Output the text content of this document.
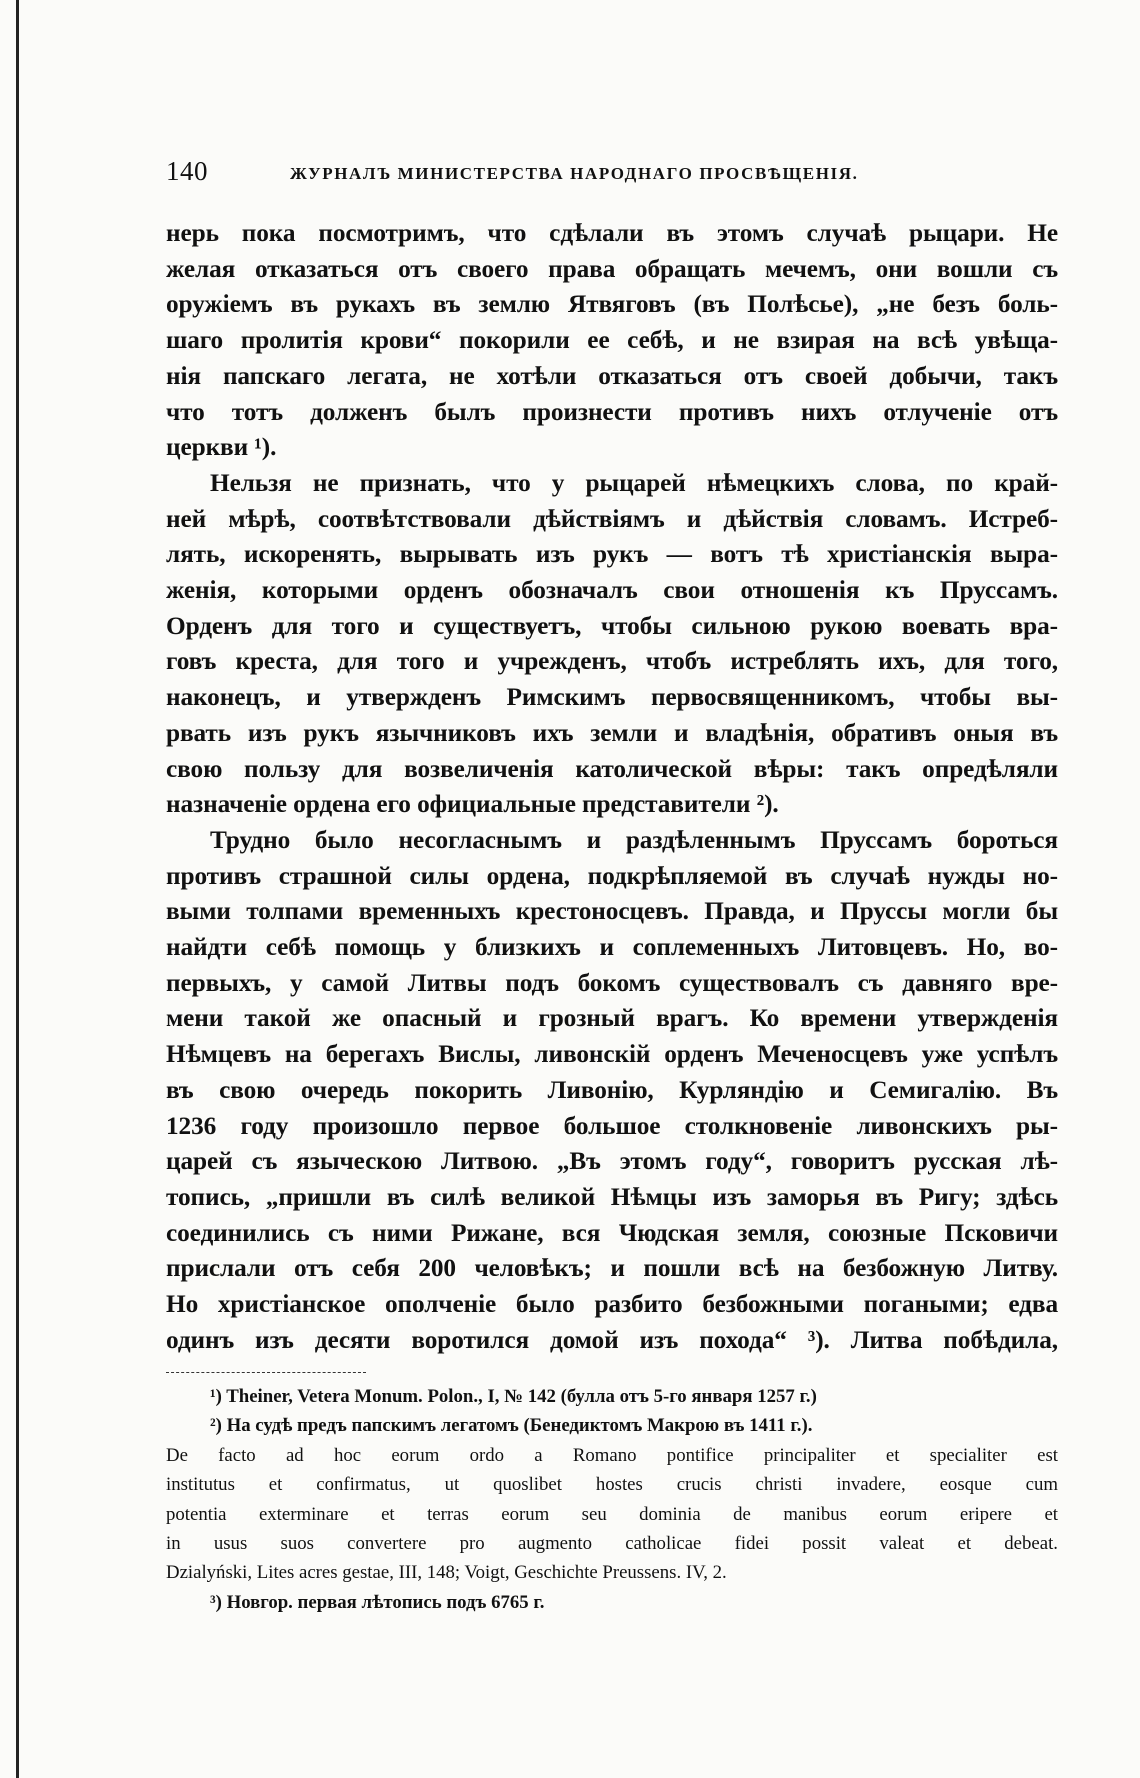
140	ЖУРНАЛЪ МИНИСТЕРСТВА НАРОДНАГО ПРОСВѢЩЕНІЯ.
нерь пока посмотримъ, что сдѣлали въ этомъ случаѣ рыцари. Не
желая отказаться отъ своего права обращать мечемъ, они вошли съ
оружіемъ въ рукахъ въ землю Ятвяговъ (въ Полѣсье), „не безъ боль-
шаго пролитія крови“ покорили ее себѣ, и не взирая на всѣ увѣща-
нія папскаго легата, не хотѣли отказаться отъ своей добычи, такъ
что тотъ долженъ былъ произнести противъ нихъ отлученіе отъ
церкви ¹).
Нельзя не признать, что у рыцарей нѣмецкихъ слова, по край-
ней мѣрѣ, соотвѣтствовали дѣйствіямъ и дѣйствія словамъ. Истреб-
лять, искоренять, вырывать изъ рукъ — вотъ тѣ христіанскія выра-
женія, которыми орденъ обозначалъ свои отношенія къ Пруссамъ.
Орденъ для того и существуетъ, чтобы сильною рукою воевать вра-
говъ креста, для того и учрежденъ, чтобъ истреблять ихъ, для того,
наконецъ, и утвержденъ Римскимъ первосвященникомъ, чтобы вы-
рвать изъ рукъ язычниковъ ихъ земли и владѣнія, обративъ оныя въ
свою пользу для возвеличенія католической вѣры: такъ опредѣляли
назначеніе ордена его официальные представители ²).
Трудно было несогласнымъ и раздѣленнымъ Пруссамъ бороться
противъ страшной силы ордена, подкрѣпляемой въ случаѣ нужды но-
выми толпами временныхъ крестоносцевъ. Правда, и Пруссы могли бы
найдти себѣ помощь у близкихъ и соплеменныхъ Литовцевъ. Но, во-
первыхъ, у самой Литвы подъ бокомъ существовалъ съ давняго вре-
мени такой же опасный и грозный врагъ. Ко времени утвержденія
Нѣмцевъ на берегахъ Вислы, ливонскій орденъ Меченосцевъ уже успѣлъ
въ свою очередь покорить Ливонію, Курляндію и Семигалію. Въ
1236 году произошло первое большое столкновеніе ливонскихъ ры-
царей съ языческою Литвою. „Въ этомъ году“, говоритъ русская лѣ-
топись, „пришли въ силѣ великой Нѣмцы изъ заморья въ Ригу; здѣсь
соединились съ ними Рижане, вся Чюдская земля, союзные Псковичи
прислали отъ себя 200 человѣкъ; и пошли всѣ на безбожную Литву.
Но христіанское ополченіе было разбито безбожными погаными; едва
одинъ изъ десяти воротился домой изъ похода“ ³). Литва побѣдила,
¹) Theiner, Vetera Monum. Polon., I, № 142 (булла отъ 5-го января 1257 г.)
²) На судѣ предъ папскимъ легатомъ (Бенедиктомъ Макрою въ 1411 г.).
De facto ad hoc eorum ordo a Romano pontifice principaliter et specialiter est
institutus et confirmatus, ut quoslibet hostes crucis christi invadere, eosque cum
potentia exterminare et terras eorum seu dominia de manibus eorum eripere et
in usus suos convertere pro augmento catholicae fidei possit valeat et debeat.
Dzialyński, Lites acres gestae, III, 148; Voigt, Geschichte Preussens. IV, 2.
³) Новгор. первая лѣтопись подъ 6765 г.
